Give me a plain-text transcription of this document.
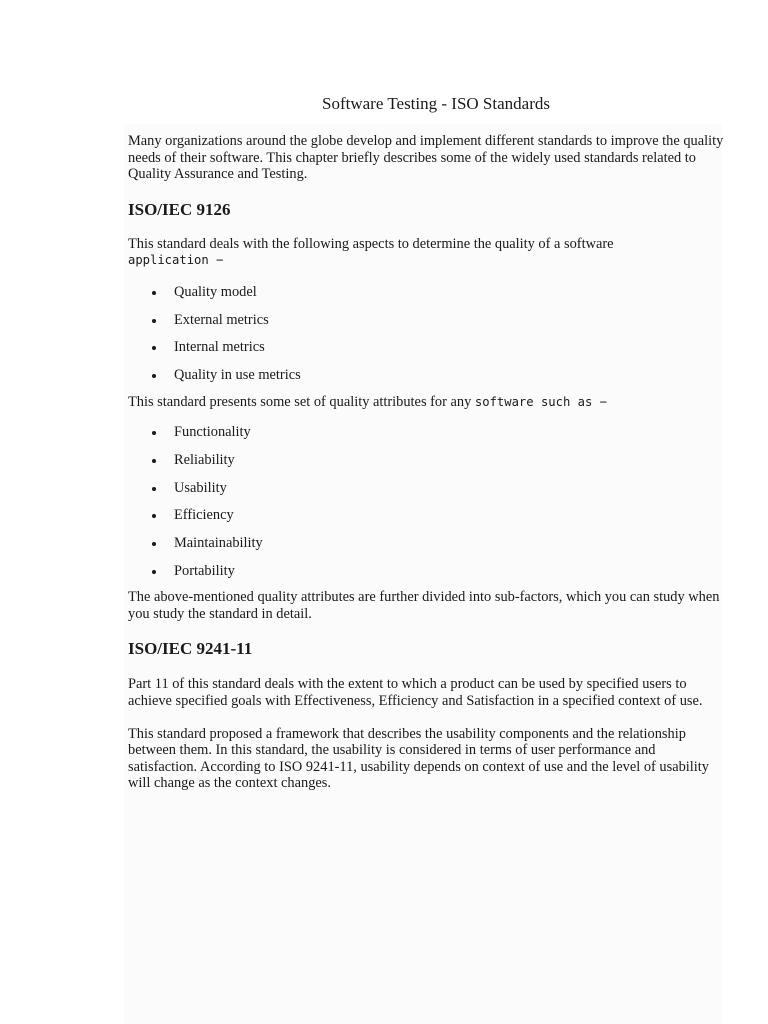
Software Testing - ISO Standards

Many organizations around the globe develop and implement different standards to improve the quality needs of their software. This chapter briefly describes some of the widely used standards related to Quality Assurance and Testing.

ISO/IEC 9126

This standard deals with the following aspects to determine the quality of a software
application −

Quality model
External metrics
Internal metrics
Quality in use metrics

This standard presents some set of quality attributes for any software such as −

Functionality
Reliability
Usability
Efficiency
Maintainability
Portability

The above-mentioned quality attributes are further divided into sub-factors, which you can study when you study the standard in detail.

ISO/IEC 9241-11

Part 11 of this standard deals with the extent to which a product can be used by specified users to achieve specified goals with Effectiveness, Efficiency and Satisfaction in a specified context of use.

This standard proposed a framework that describes the usability components and the relationship between them. In this standard, the usability is considered in terms of user performance and satisfaction. According to ISO 9241-11, usability depends on context of use and the level of usability will change as the context changes.
